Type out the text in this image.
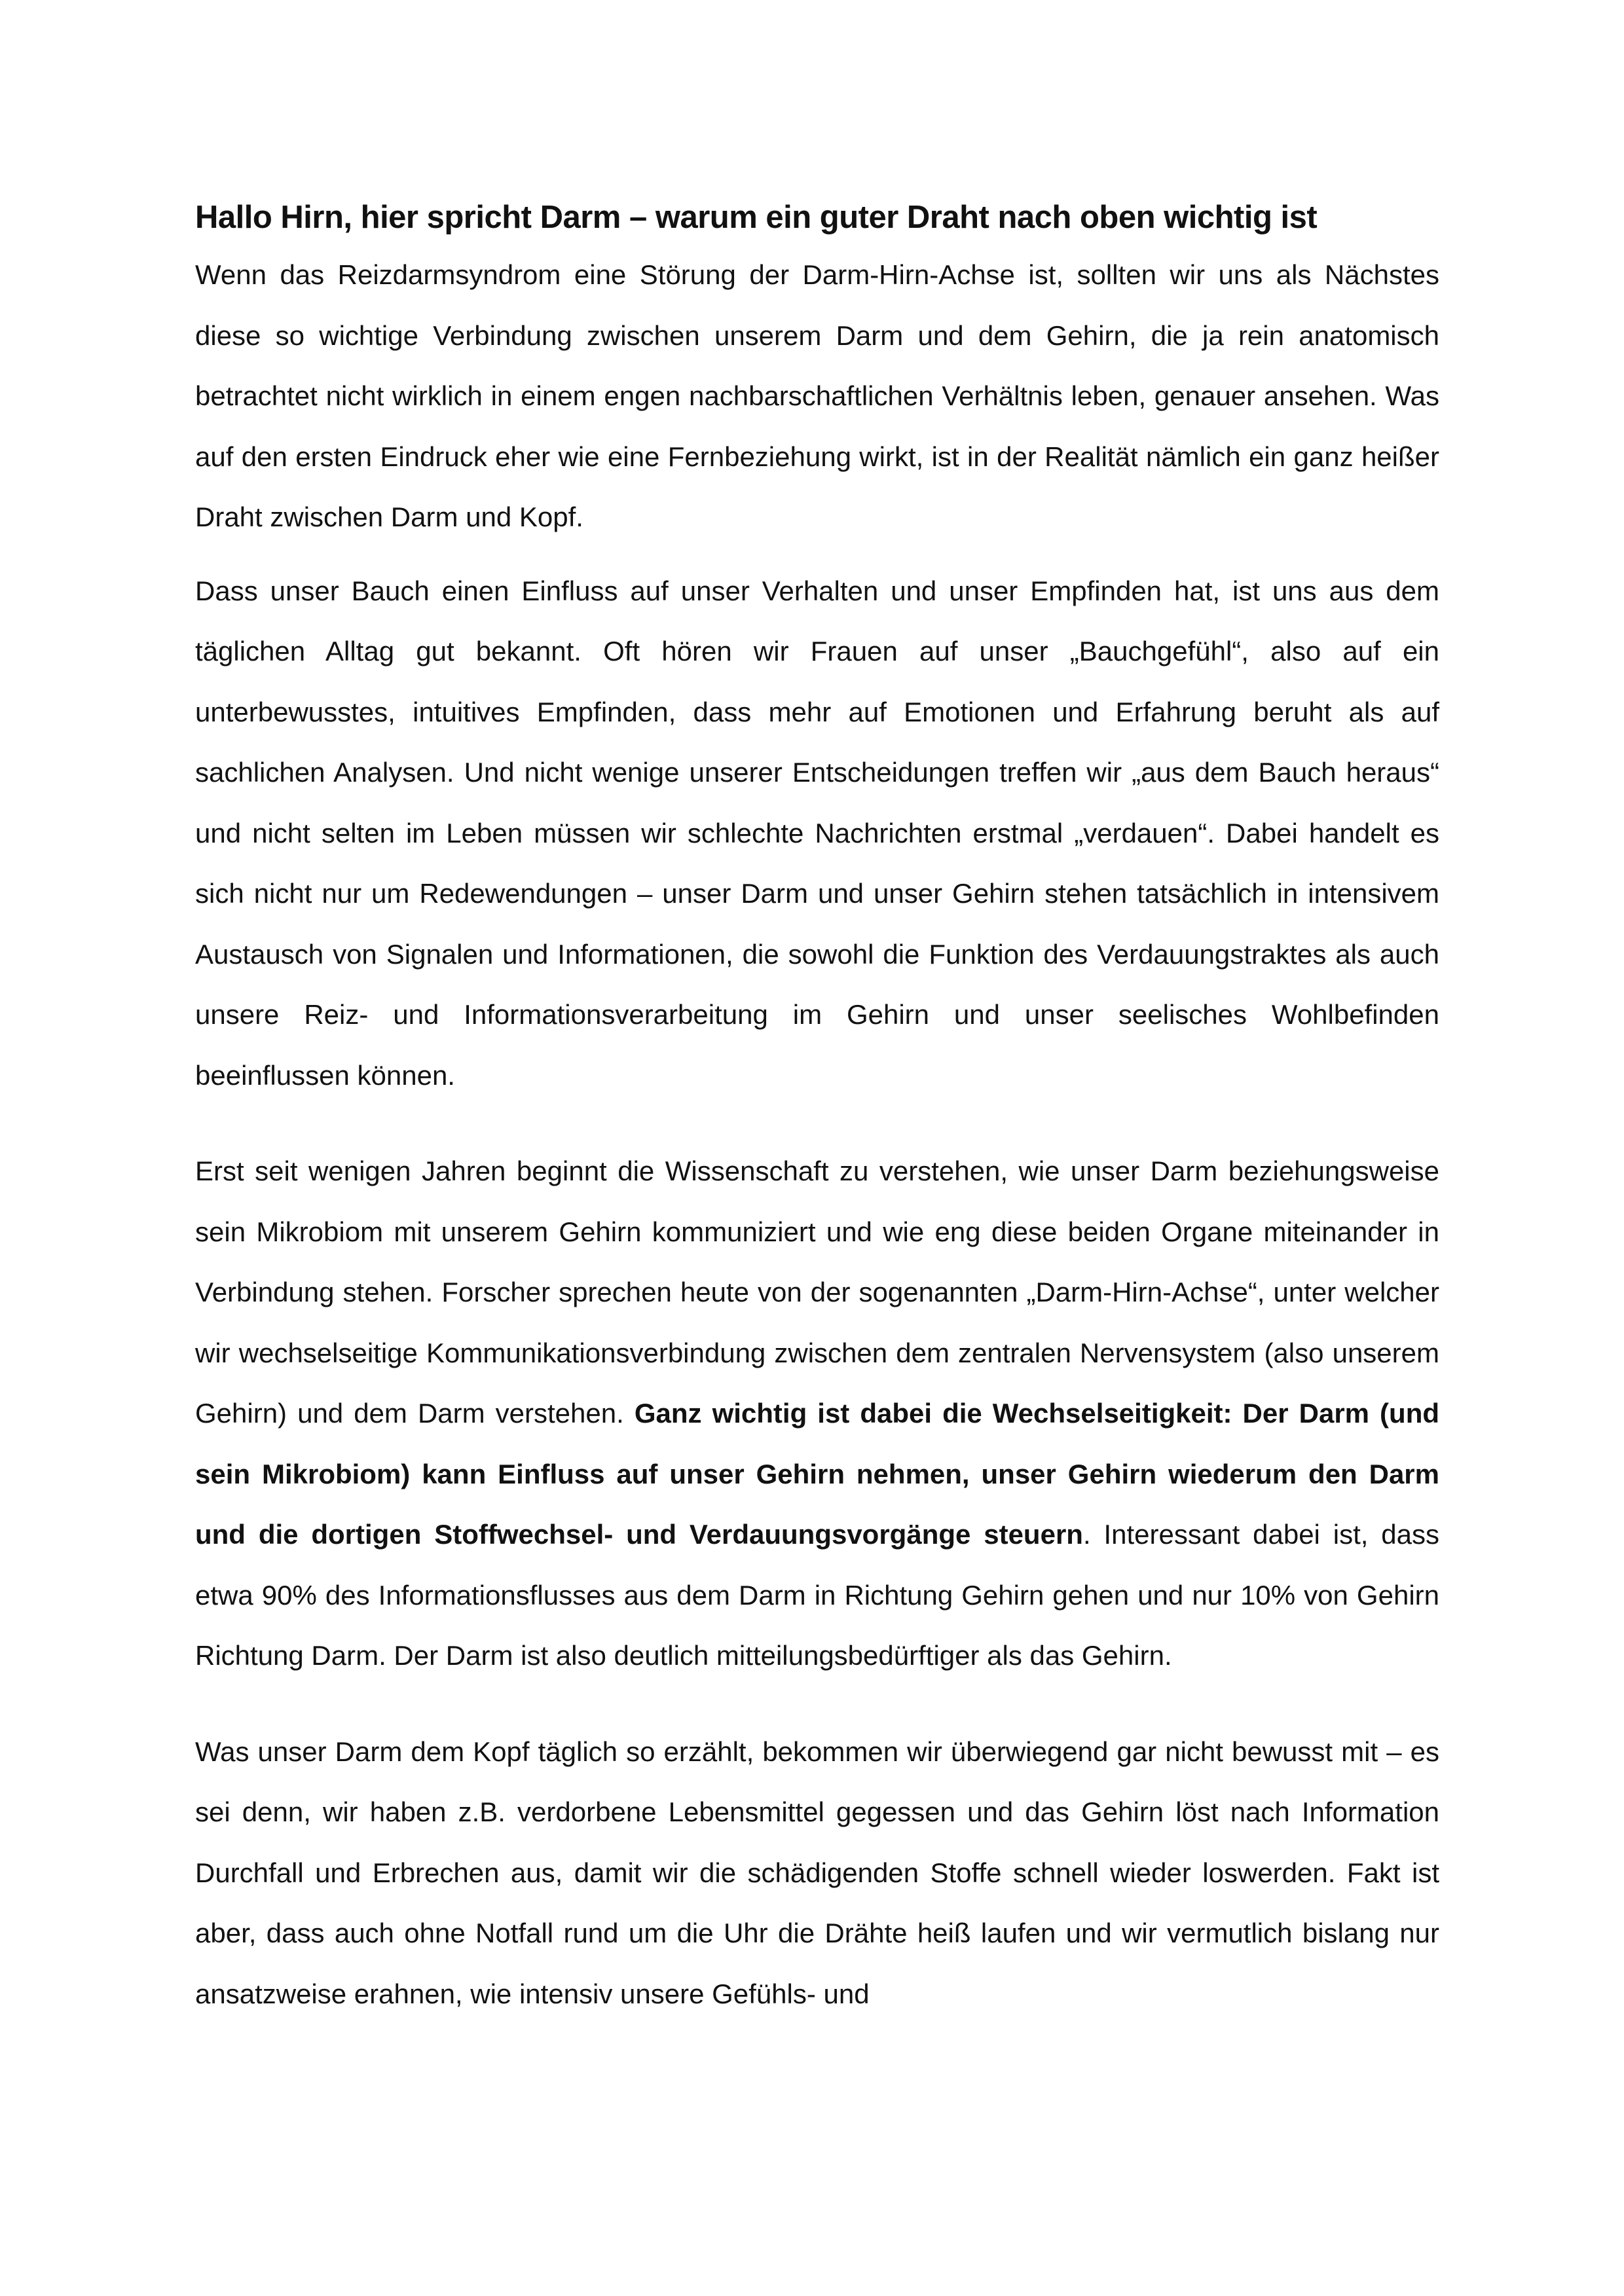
Hallo Hirn, hier spricht Darm – warum ein guter Draht nach oben wichtig ist

Wenn das Reizdarmsyndrom eine Störung der Darm-Hirn-Achse ist, sollten wir uns als Nächstes diese so wichtige Verbindung zwischen unserem Darm und dem Gehirn, die ja rein anatomisch betrachtet nicht wirklich in einem engen nachbarschaftlichen Verhältnis leben, genauer ansehen. Was auf den ersten Eindruck eher wie eine Fernbeziehung wirkt, ist in der Realität nämlich ein ganz heißer Draht zwischen Darm und Kopf.

Dass unser Bauch einen Einfluss auf unser Verhalten und unser Empfinden hat, ist uns aus dem täglichen Alltag gut bekannt. Oft hören wir Frauen auf unser „Bauchgefühl“, also auf ein unterbewusstes, intuitives Empfinden, dass mehr auf Emotionen und Erfahrung beruht als auf sachlichen Analysen. Und nicht wenige unserer Entscheidungen treffen wir „aus dem Bauch heraus“ und nicht selten im Leben müssen wir schlechte Nachrichten erstmal „verdauen“. Dabei handelt es sich nicht nur um Redewendungen – unser Darm und unser Gehirn stehen tatsächlich in intensivem Austausch von Signalen und Informationen, die sowohl die Funktion des Verdauungstraktes als auch unsere Reiz- und Informationsverarbeitung im Gehirn und unser seelisches Wohlbefinden beeinflussen können.

Erst seit wenigen Jahren beginnt die Wissenschaft zu verstehen, wie unser Darm beziehungsweise sein Mikrobiom mit unserem Gehirn kommuniziert und wie eng diese beiden Organe miteinander in Verbindung stehen. Forscher sprechen heute von der sogenannten „Darm-Hirn-Achse“, unter welcher wir wechselseitige Kommunikationsverbindung zwischen dem zentralen Nervensystem (also unserem Gehirn) und dem Darm verstehen. Ganz wichtig ist dabei die Wechselseitigkeit: Der Darm (und sein Mikrobiom) kann Einfluss auf unser Gehirn nehmen, unser Gehirn wiederum den Darm und die dortigen Stoffwechsel- und Verdauungsvorgänge steuern. Interessant dabei ist, dass etwa 90% des Informationsflusses aus dem Darm in Richtung Gehirn gehen und nur 10% von Gehirn Richtung Darm. Der Darm ist also deutlich mitteilungsbedürftiger als das Gehirn.

Was unser Darm dem Kopf täglich so erzählt, bekommen wir überwiegend gar nicht bewusst mit – es sei denn, wir haben z.B. verdorbene Lebensmittel gegessen und das Gehirn löst nach Information Durchfall und Erbrechen aus, damit wir die schädigenden Stoffe schnell wieder loswerden. Fakt ist aber, dass auch ohne Notfall rund um die Uhr die Drähte heiß laufen und wir vermutlich bislang nur ansatzweise erahnen, wie intensiv unsere Gefühls- und
